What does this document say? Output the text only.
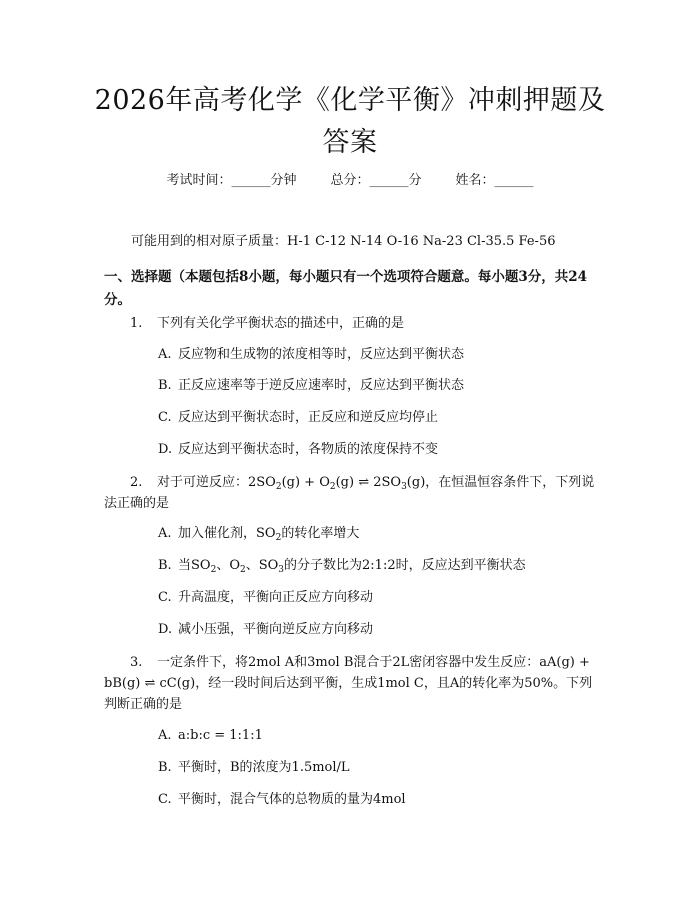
2026年高考化学《化学平衡》冲刺押题及答案
考试时间：______分钟	总分：______分	姓名：______
可能用到的相对原子质量：H-1 C-12 N-14 O-16 Na-23 Cl-35.5 Fe-56
一、选择题（本题包括8小题，每小题只有一个选项符合题意。每小题3分，共24分。
1. 下列有关化学平衡状态的描述中，正确的是
A. 反应物和生成物的浓度相等时，反应达到平衡状态
B. 正反应速率等于逆反应速率时，反应达到平衡状态
C. 反应达到平衡状态时，正反应和逆反应均停止
D. 反应达到平衡状态时，各物质的浓度保持不变
2. 对于可逆反应：$2SO_2(g) + O_2(g)$ ⇌ $2SO_3(g)$，在恒温恒容条件下，下列说法正确的是
A. 加入催化剂，$SO_2$的转化率增大
B. 当$SO_2$、$O_2$、$SO_3$的分子数比为2:1:2时，反应达到平衡状态
C. 升高温度，平衡向正反应方向移动
D. 减小压强，平衡向逆反应方向移动
3. 一定条件下，将2mol A和3mol B混合于2L密闭容器中发生反应：aA(g) + bB(g) ⇌ cC(g)，经一段时间后达到平衡，生成1mol C，且A的转化率为50%。下列判断正确的是
A. a:b:c = 1:1:1
B. 平衡时，B的浓度为1.5mol/L
C. 平衡时，混合气体的总物质的量为4mol
